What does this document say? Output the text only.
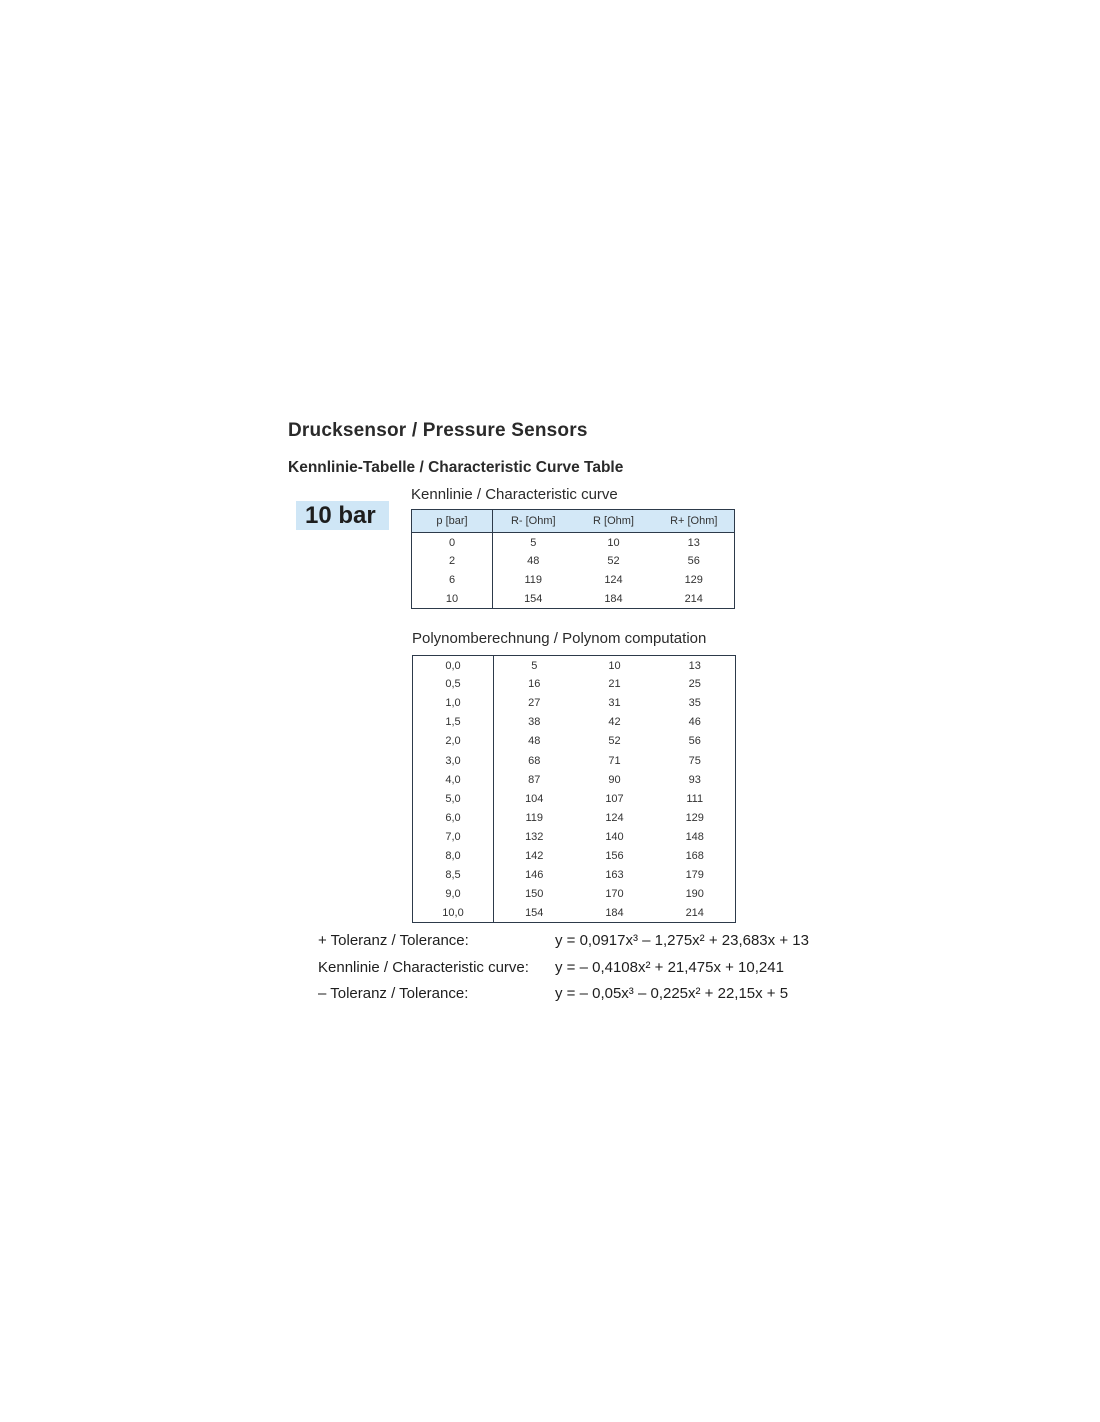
Drucksensor / Pressure Sensors
Kennlinie-Tabelle / Characteristic Curve Table
10 bar
Kennlinie / Characteristic curve
p [bar]	R- [Ohm]	R [Ohm]	R+ [Ohm]
0	5	10	13
2	48	52	56
6	119	124	129
10	154	184	214
Polynomberechnung / Polynom computation
0,0	5	10	13
0,5	16	21	25
1,0	27	31	35
1,5	38	42	46
2,0	48	52	56
3,0	68	71	75
4,0	87	90	93
5,0	104	107	111
6,0	119	124	129
7,0	132	140	148
8,0	142	156	168
8,5	146	163	179
9,0	150	170	190
10,0	154	184	214
+ Toleranz / Tolerance:	y = 0,0917x³ – 1,275x² + 23,683x + 13
Kennlinie / Characteristic curve: y = – 0,4108x² + 21,475x + 10,241
– Toleranz / Tolerance:	y = – 0,05x³ – 0,225x² + 22,15x + 5
